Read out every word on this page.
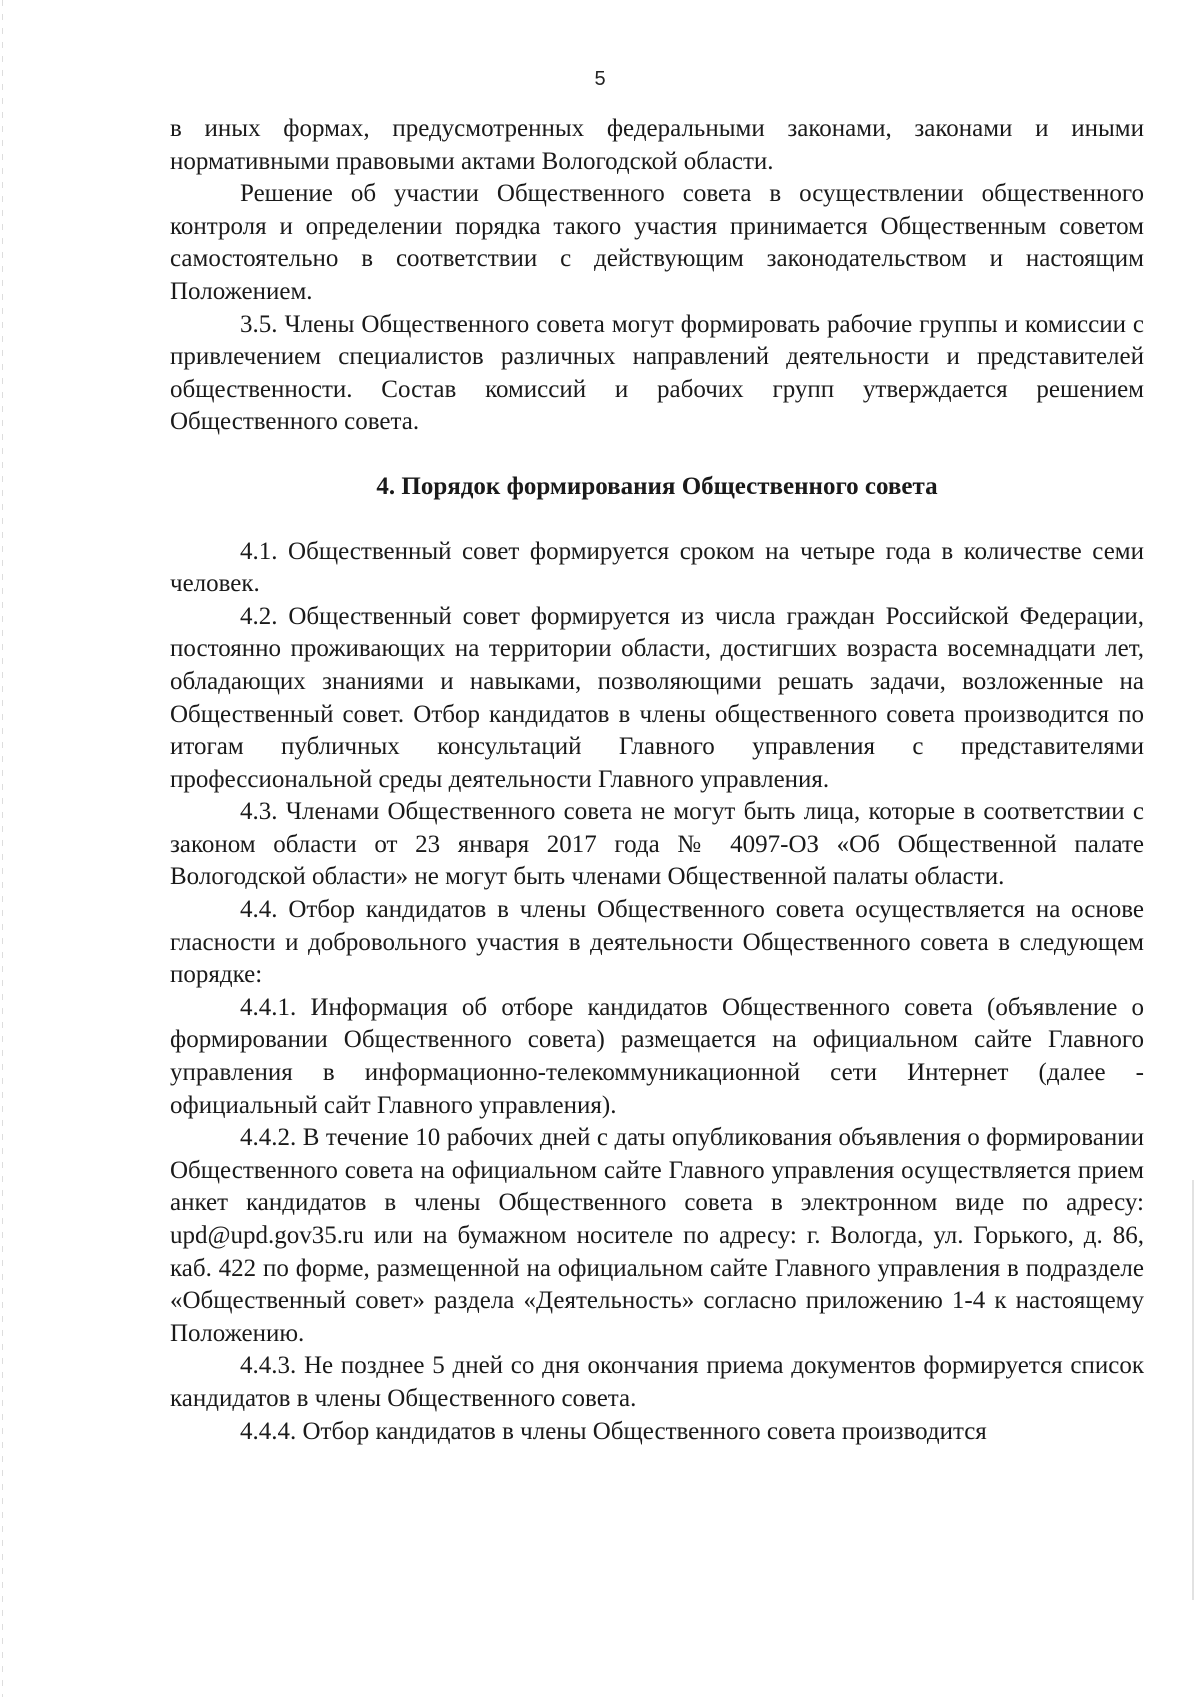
5

в иных формах, предусмотренных федеральными законами, законами и иными нормативными правовыми актами Вологодской области.

Решение об участии Общественного совета в осуществлении общественного контроля и определении порядка такого участия принимается Общественным советом самостоятельно в соответствии с действующим законодательством и настоящим Положением.

3.5. Члены Общественного совета могут формировать рабочие группы и комиссии с привлечением специалистов различных направлений деятельности и представителей общественности. Состав комиссий и рабочих групп утверждается решением Общественного совета.

4. Порядок формирования Общественного совета

4.1. Общественный совет формируется сроком на четыре года в количестве семи человек.

4.2. Общественный совет формируется из числа граждан Российской Федерации, постоянно проживающих на территории области, достигших возраста восемнадцати лет, обладающих знаниями и навыками, позволяющими решать задачи, возложенные на Общественный совет. Отбор кандидатов в члены общественного совета производится по итогам публичных консультаций Главного управления с представителями профессиональной среды деятельности Главного управления.

4.3. Членами Общественного совета не могут быть лица, которые в соответствии с законом области от 23 января 2017 года № 4097-ОЗ «Об Общественной палате Вологодской области» не могут быть членами Общественной палаты области.

4.4. Отбор кандидатов в члены Общественного совета осуществляется на основе гласности и добровольного участия в деятельности Общественного совета в следующем порядке:

4.4.1. Информация об отборе кандидатов Общественного совета (объявление о формировании Общественного совета) размещается на официальном сайте Главного управления в информационно-телекоммуникационной сети Интернет (далее - официальный сайт Главного управления).

4.4.2. В течение 10 рабочих дней с даты опубликования объявления о формировании Общественного совета на официальном сайте Главного управления осуществляется прием анкет кандидатов в члены Общественного совета в электронном виде по адресу: upd@upd.gov35.ru или на бумажном носителе по адресу: г. Вологда, ул. Горького, д. 86, каб. 422 по форме, размещенной на официальном сайте Главного управления в подразделе «Общественный совет» раздела «Деятельность» согласно приложению 1-4 к настоящему Положению.

4.4.3. Не позднее 5 дней со дня окончания приема документов формируется список кандидатов в члены Общественного совета.

4.4.4. Отбор кандидатов в члены Общественного совета производится
